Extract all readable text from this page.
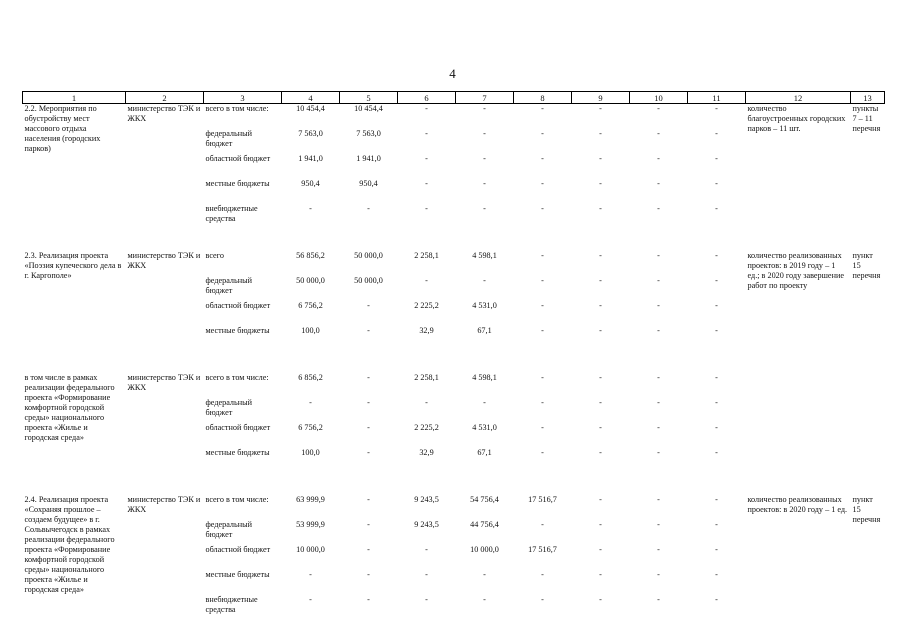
4
1	2	3	4	5	6	7	8	9	10	11	12	13
2.2. Мероприятия по обустройству мест массового отдыха населения (городских парков)	министерство ТЭК и ЖКХ	всего в том числе:	10 454,4	10 454,4	-	-	-	-	-	-	количество благоустроенных городских парков – 11 шт.	пункты 7 – 11 перечня
		федеральный бюджет	7 563,0	7 563,0	-	-	-	-	-	-		
		областной бюджет	1 941,0	1 941,0	-	-	-	-	-	-		
		местные бюджеты	950,4	950,4	-	-	-	-	-	-		
		внебюджетные средства	-	-	-	-	-	-	-	-		

2.3. Реализация проекта «Поэзия купеческого дела в г. Каргополе»	министерство ТЭК и ЖКХ	всего	56 856,2	50 000,0	2 258,1	4 598,1	-	-	-	-	количество реализованных проектов: в 2019 году – 1 ед.; в 2020 году завершение работ по проекту	пункт 15 перечня
		федеральный бюджет	50 000,0	50 000,0	-	-	-	-	-	-		
		областной бюджет	6 756,2	-	2 225,2	4 531,0	-	-	-	-		
		местные бюджеты	100,0	-	32,9	67,1	-	-	-	-		

в том числе в рамках реализации федерального проекта «Формирование комфортной городской среды» национального проекта «Жилье и городская среда»	министерство ТЭК и ЖКХ	всего в том числе:	6 856,2	-	2 258,1	4 598,1	-	-	-	-		
		федеральный бюджет	-	-	-	-	-	-	-	-		
		областной бюджет	6 756,2	-	2 225,2	4 531,0	-	-	-	-		
		местные бюджеты	100,0	-	32,9	67,1	-	-	-	-		

2.4. Реализация проекта «Сохраняя прошлое – создаем будущее» в г. Сольвычегодск в рамках реализации федерального проекта «Формирование комфортной городской среды» национального проекта «Жилье и городская среда»	министерство ТЭК и ЖКХ	всего в том числе:	63 999,9	-	9 243,5	54 756,4	17 516,7	-	-	-	количество реализованных проектов: в 2020 году – 1 ед.	пункт 15 перечня
		федеральный бюджет	53 999,9	-	9 243,5	44 756,4	-	-	-	-		
		областной бюджет	10 000,0	-	-	10 000,0	17 516,7	-	-	-		
		местные бюджеты	-	-	-	-	-	-	-	-		
		внебюджетные средства	-	-	-	-	-	-	-	-		
